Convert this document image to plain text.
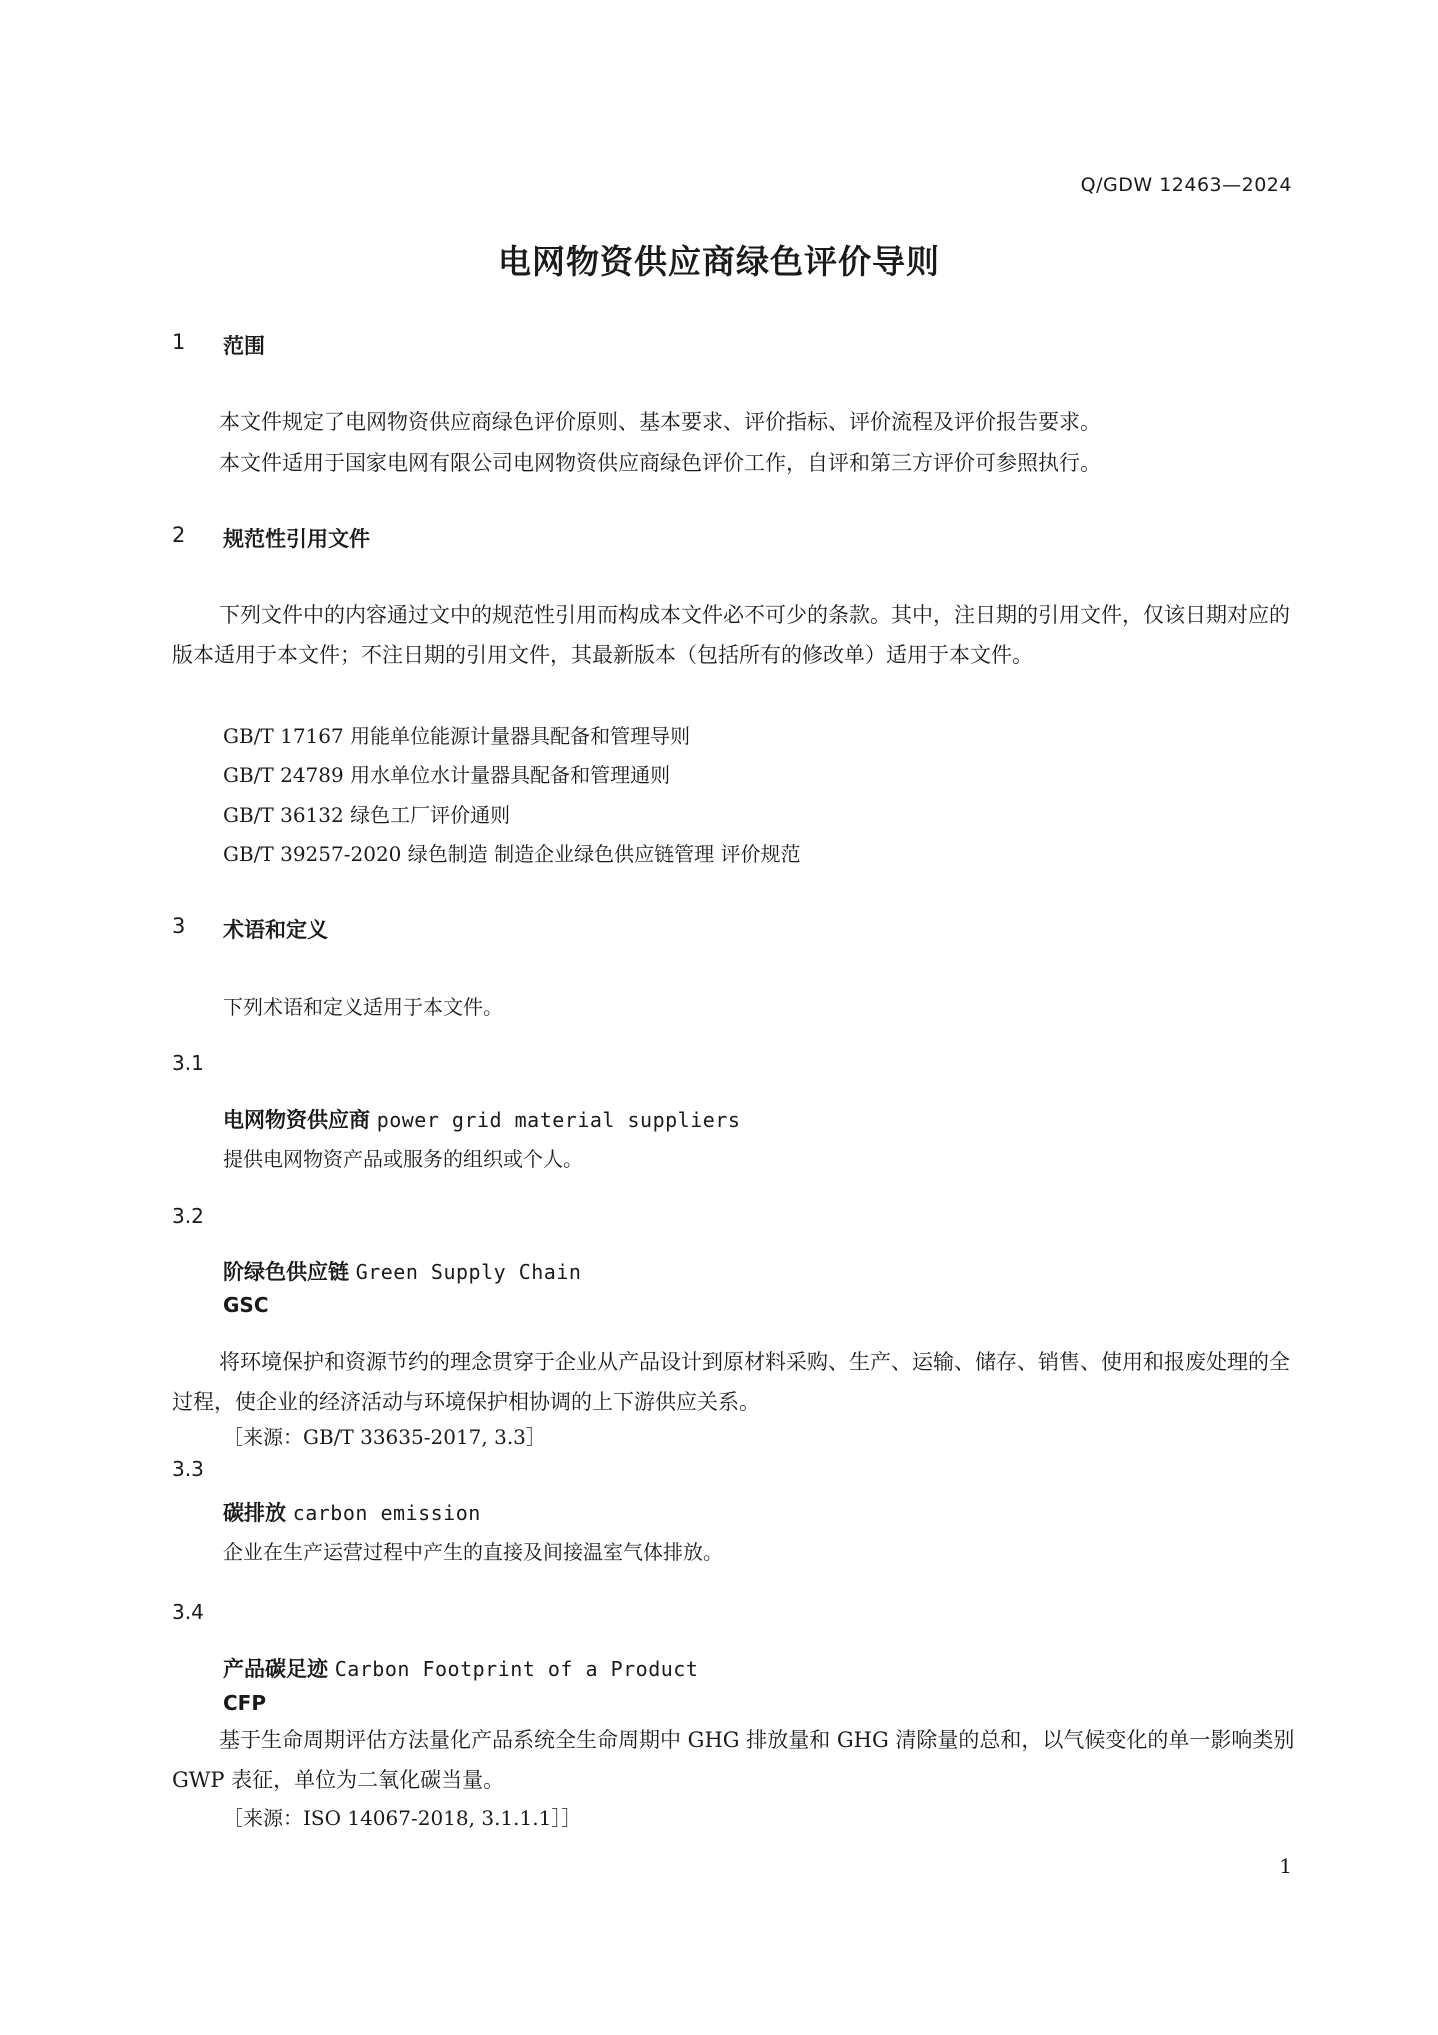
Q/GDW 12463—2024
电网物资供应商绿色评价导则
1 范围
本文件规定了电网物资供应商绿色评价原则、基本要求、评价指标、评价流程及评价报告要求。
本文件适用于国家电网有限公司电网物资供应商绿色评价工作，自评和第三方评价可参照执行。
2 规范性引用文件
下列文件中的内容通过文中的规范性引用而构成本文件必不可少的条款。其中，注日期的引用文件，仅该日期对应的版本适用于本文件；不注日期的引用文件，其最新版本（包括所有的修改单）适用于本文件。
GB/T 17167 用能单位能源计量器具配备和管理导则
GB/T 24789 用水单位水计量器具配备和管理通则
GB/T 36132 绿色工厂评价通则
GB/T 39257-2020 绿色制造 制造企业绿色供应链管理 评价规范
3 术语和定义
下列术语和定义适用于本文件。
3.1
电网物资供应商 power grid material suppliers
提供电网物资产品或服务的组织或个人。
3.2
阶绿色供应链 Green Supply Chain
GSC
将环境保护和资源节约的理念贯穿于企业从产品设计到原材料采购、生产、运输、储存、销售、使用和报废处理的全过程，使企业的经济活动与环境保护相协调的上下游供应关系。
［来源：GB/T 33635-2017, 3.3］
3.3
碳排放 carbon emission
企业在生产运营过程中产生的直接及间接温室气体排放。
3.4
产品碳足迹 Carbon Footprint of a Product
CFP
基于生命周期评估方法量化产品系统全生命周期中 GHG 排放量和 GHG 清除量的总和，以气候变化的单一影响类别 GWP 表征，单位为二氧化碳当量。
［来源：ISO 14067-2018, 3.1.1.1］］
1
